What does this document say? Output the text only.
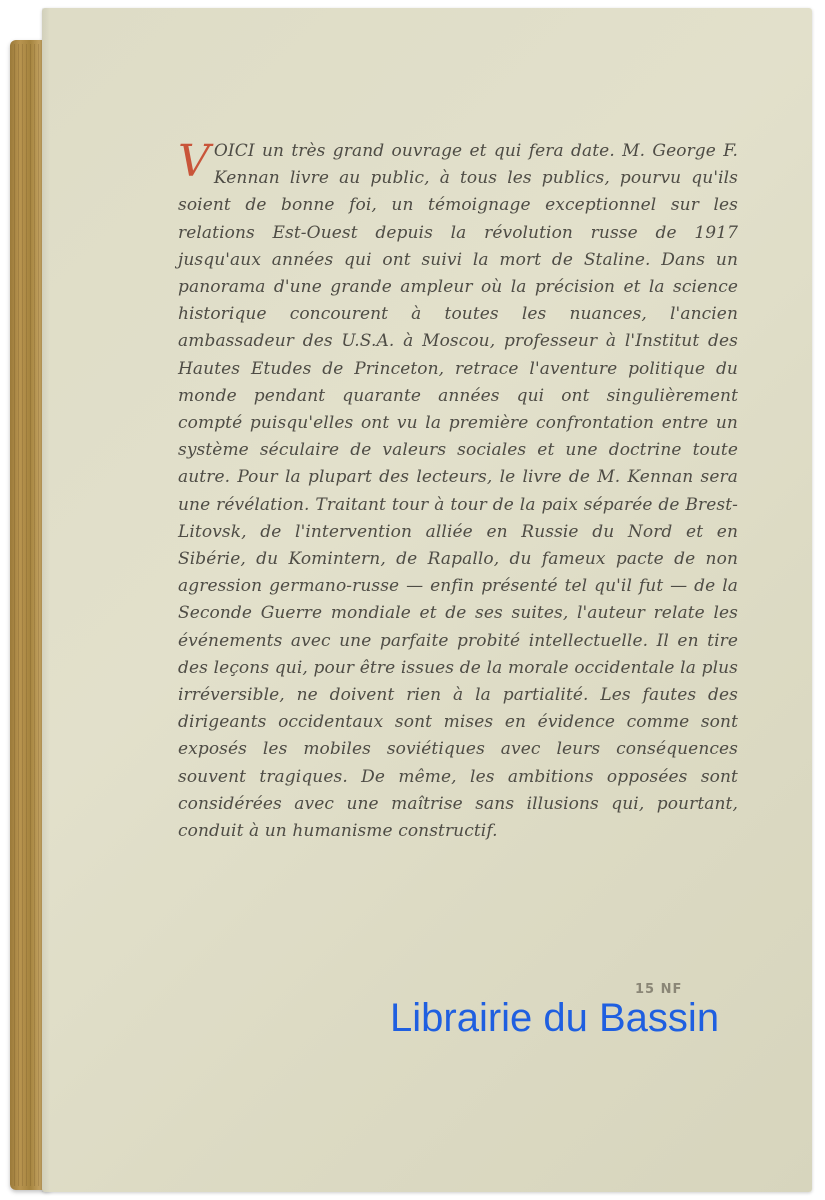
VOICI un très grand ouvrage et qui fera date. M. George F. Kennan livre au public, à tous les publics, pourvu qu'ils soient de bonne foi, un témoignage exceptionnel sur les relations Est-Ouest depuis la révolution russe de 1917 jusqu'aux années qui ont suivi la mort de Staline. Dans un panorama d'une grande ampleur où la précision et la science historique concourent à toutes les nuances, l'ancien ambassadeur des U.S.A. à Moscou, professeur à l'Institut des Hautes Etudes de Princeton, retrace l'aventure politique du monde pendant quarante années qui ont singulièrement compté puisqu'elles ont vu la première confrontation entre un système séculaire de valeurs sociales et une doctrine toute autre. Pour la plupart des lecteurs, le livre de M. Kennan sera une révélation. Traitant tour à tour de la paix séparée de Brest-Litovsk, de l'intervention alliée en Russie du Nord et en Sibérie, du Komintern, de Rapallo, du fameux pacte de non agression germano-russe — enfin présenté tel qu'il fut — de la Seconde Guerre mondiale et de ses suites, l'auteur relate les événements avec une parfaite probité intellectuelle. Il en tire des leçons qui, pour être issues de la morale occidentale la plus irréversible, ne doivent rien à la partialité. Les fautes des dirigeants occidentaux sont mises en évidence comme sont exposés les mobiles soviétiques avec leurs conséquences souvent tragiques. De même, les ambitions opposées sont considérées avec une maîtrise sans illusions qui, pourtant, conduit à un humanisme constructif.
15 NF
Librairie du Bassin
